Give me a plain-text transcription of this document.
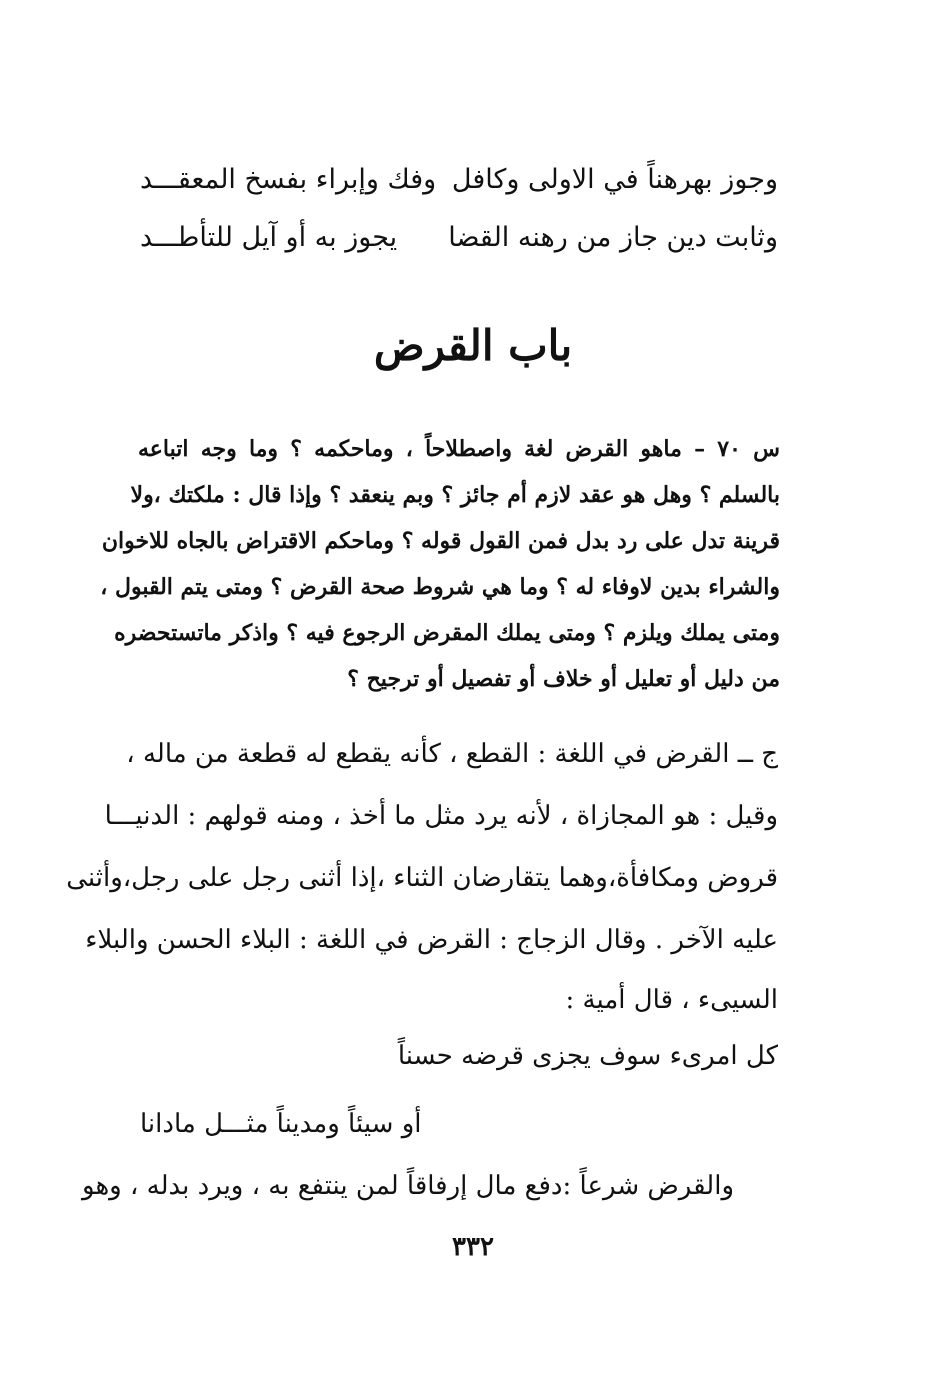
وجوز بهرهناً في الاولى وكافل
وفك وإبراء بفسخ المعقـــد
وثابت دين جاز من رهنه القضا
يجوز به أو آيل للتأطـــد
باب القرض
س ٧٠ – ماهو القرض لغة واصطلاحاً ، وماحكمه ؟ وما وجه اتباعه
بالسلم ؟ وهل هو عقد لازم أم جائز ؟ وبم ينعقد ؟ وإذا قال : ملكتك ،ولا
قرينة تدل على رد بدل فمن القول قوله ؟ وماحكم الاقتراض بالجاه للاخوان
والشراء بدين لاوفاء له ؟ وما هي شروط صحة القرض ؟ ومتى يتم القبول ،
ومتى يملك ويلزم ؟ ومتى يملك المقرض الرجوع فيه ؟ واذكر ماتستحضره
من دليل أو تعليل أو خلاف أو تفصيل أو ترجيح ؟
ج ــ القرض في اللغة : القطع ، كأنه يقطع له قطعة من ماله ،
وقيل : هو المجازاة ، لأنه يرد مثل ما أخذ ، ومنه قولهم : الدنيـــا
قروض ومكافأة،وهما يتقارضان الثناء ،إذا أثنى رجل على رجل،وأثنى
عليه الآخر . وقال الزجاج : القرض في اللغة : البلاء الحسن والبلاء
السيىء ، قال أمية :
كل امرىء سوف يجزى قرضه حسناً
أو سيئاً ومديناً مثـــل مادانا
والقرض شرعاً :دفع مال إرفاقاً لمن ينتفع به ، ويرد بدله ، وهو
٣٣٢
